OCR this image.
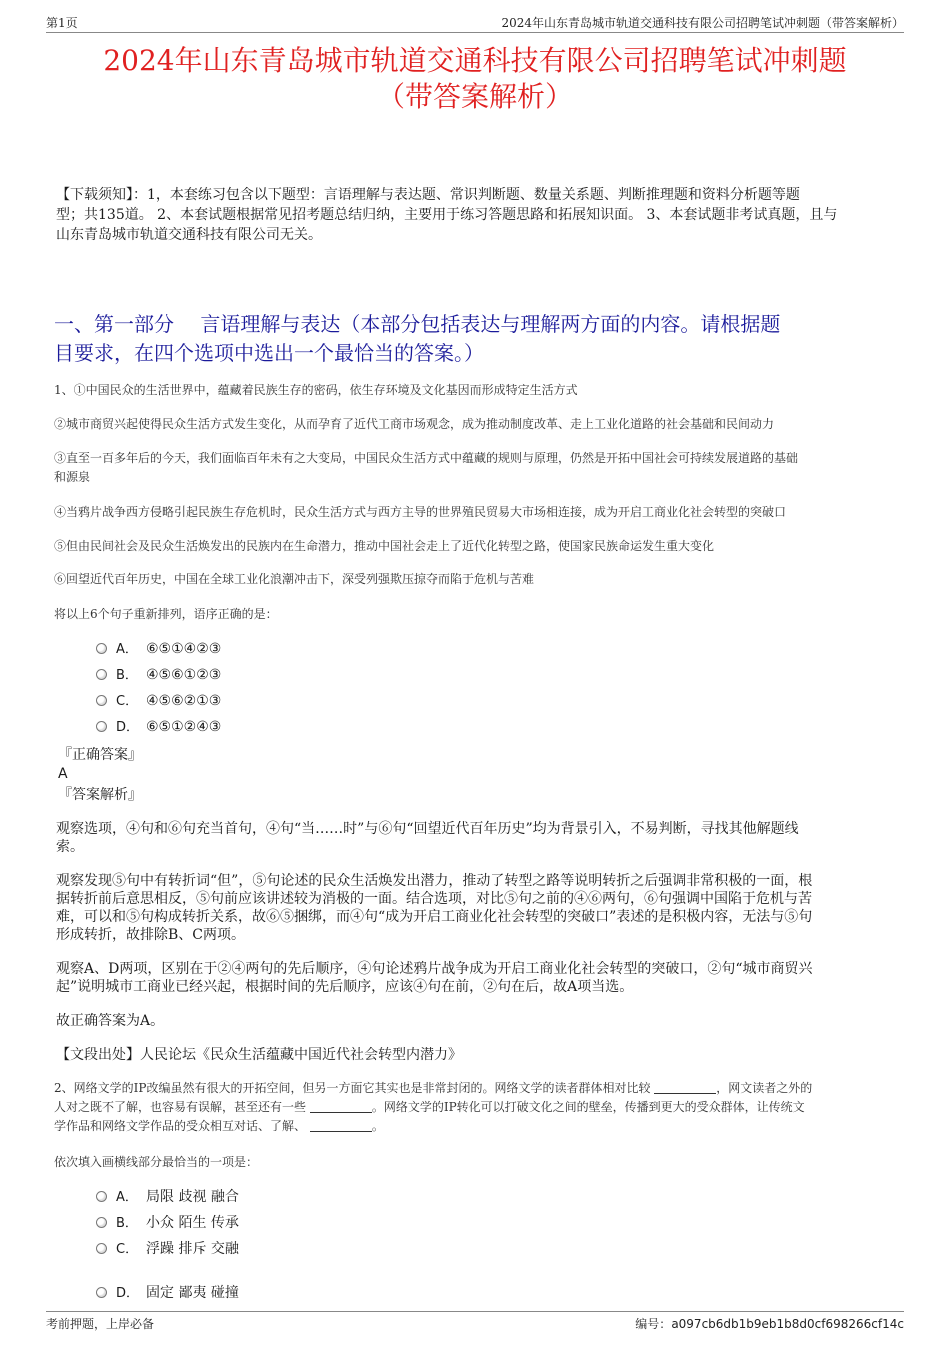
第1页	2024年山东青岛城市轨道交通科技有限公司招聘笔试冲刺题（带答案解析）
2024年山东青岛城市轨道交通科技有限公司招聘笔试冲刺题
（带答案解析）
【下载须知】：1，本套练习包含以下题型：言语理解与表达题、常识判断题、数量关系题、判断推理题和资料分析题等题
型；共135道。 2、本套试题根据常见招考题总结归纳，主要用于练习答题思路和拓展知识面。 3、本套试题非考试真题，且与
山东青岛城市轨道交通科技有限公司无关。
一、第一部分　 言语理解与表达（本部分包括表达与理解两方面的内容。请根据题
目要求，在四个选项中选出一个最恰当的答案。）
1、①中国民众的生活世界中，蕴藏着民族生存的密码，依生存环境及文化基因而形成特定生活方式
②城市商贸兴起使得民众生活方式发生变化，从而孕育了近代工商市场观念，成为推动制度改革、走上工业化道路的社会基础和民间动力
③直至一百多年后的今天，我们面临百年未有之大变局，中国民众生活方式中蕴藏的规则与原理，仍然是开拓中国社会可持续发展道路的基础
和源泉
④当鸦片战争西方侵略引起民族生存危机时，民众生活方式与西方主导的世界殖民贸易大市场相连接，成为开启工商业化社会转型的突破口
⑤但由民间社会及民众生活焕发出的民族内在生命潜力，推动中国社会走上了近代化转型之路，使国家民族命运发生重大变化
⑥回望近代百年历史，中国在全球工业化浪潮冲击下，深受列强欺压掠夺而陷于危机与苦难
将以上6个句子重新排列，语序正确的是：
A． ⑥⑤①④②③
B． ④⑤⑥①②③
C． ④⑤⑥②①③
D． ⑥⑤①②④③
『正确答案』
A
『答案解析』
观察选项，④句和⑥句充当首句，④句“当……时”与⑥句“回望近代百年历史”均为背景引入，不易判断，寻找其他解题线
索。
观察发现⑤句中有转折词“但”，⑤句论述的民众生活焕发出潜力，推动了转型之路等说明转折之后强调非常积极的一面，根
据转折前后意思相反，⑤句前应该讲述较为消极的一面。结合选项，对比⑤句之前的④⑥两句，⑥句强调中国陷于危机与苦
难，可以和⑤句构成转折关系，故⑥⑤捆绑，而④句“成为开启工商业化社会转型的突破口”表述的是积极内容，无法与⑤句
形成转折，故排除B、C两项。
观察A、D两项，区别在于②④两句的先后顺序，④句论述鸦片战争成为开启工商业化社会转型的突破口，②句“城市商贸兴
起”说明城市工商业已经兴起，根据时间的先后顺序，应该④句在前，②句在后，故A项当选。
故正确答案为A。
【文段出处】人民论坛《民众生活蕴藏中国近代社会转型内潜力》
2、网络文学的IP改编虽然有很大的开拓空间，但另一方面它其实也是非常封闭的。网络文学的读者群体相对比较	，网文读者之外的
人对之既不了解，也容易有误解，甚至还有一些	。网络文学的IP转化可以打破文化之间的壁垒，传播到更大的受众群体，让传统文
学作品和网络文学作品的受众相互对话、了解、	。
依次填入画横线部分最恰当的一项是：
A． 局限 歧视 融合
B． 小众 陌生 传承
C． 浮躁 排斥 交融
D． 固定 鄙夷 碰撞
考前押题，上岸必备	编号：a097cb6db1b9eb1b8d0cf698266cf14c
